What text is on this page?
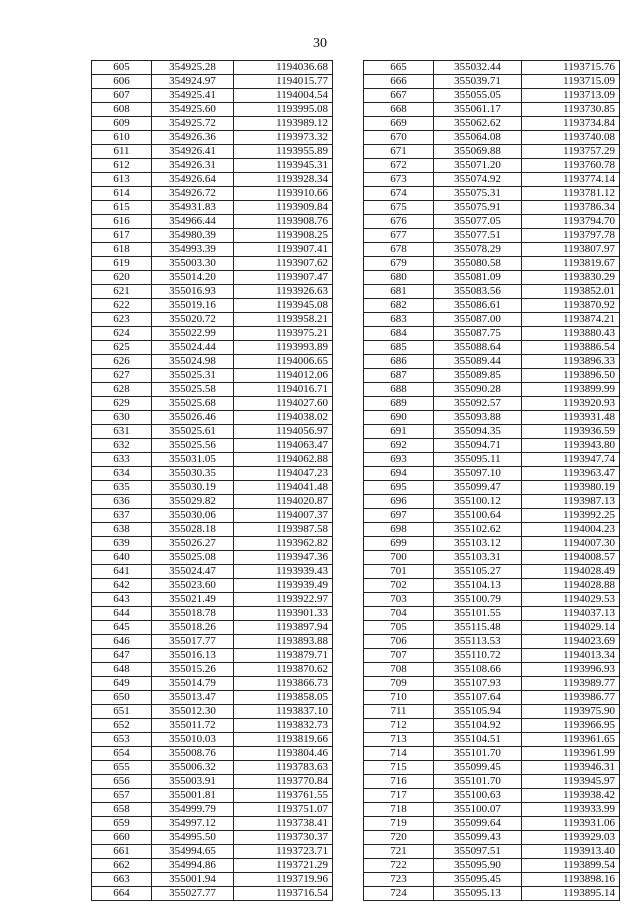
30
605	354925.28	1194036.68
606	354924.97	1194015.77
607	354925.41	1194004.54
608	354925.60	1193995.08
609	354925.72	1193989.12
610	354926.36	1193973.32
611	354926.41	1193955.89
612	354926.31	1193945.31
613	354926.64	1193928.34
614	354926.72	1193910.66
615	354931.83	1193909.84
616	354966.44	1193908.76
617	354980.39	1193908.25
618	354993.39	1193907.41
619	355003.30	1193907.62
620	355014.20	1193907.47
621	355016.93	1193926.63
622	355019.16	1193945.08
623	355020.72	1193958.21
624	355022.99	1193975.21
625	355024.44	1193993.89
626	355024.98	1194006.65
627	355025.31	1194012.06
628	355025.58	1194016.71
629	355025.68	1194027.60
630	355026.46	1194038.02
631	355025.61	1194056.97
632	355025.56	1194063.47
633	355031.05	1194062.88
634	355030.35	1194047.23
635	355030.19	1194041.48
636	355029.82	1194020.87
637	355030.06	1194007.37
638	355028.18	1193987.58
639	355026.27	1193962.82
640	355025.08	1193947.36
641	355024.47	1193939.43
642	355023.60	1193939.49
643	355021.49	1193922.97
644	355018.78	1193901.33
645	355018.26	1193897.94
646	355017.77	1193893.88
647	355016.13	1193879.71
648	355015.26	1193870.62
649	355014.79	1193866.73
650	355013.47	1193858.05
651	355012.30	1193837.10
652	355011.72	1193832.73
653	355010.03	1193819.66
654	355008.76	1193804.46
655	355006.32	1193783.63
656	355003.91	1193770.84
657	355001.81	1193761.55
658	354999.79	1193751.07
659	354997.12	1193738.41
660	354995.50	1193730.37
661	354994.65	1193723.71
662	354994.86	1193721.29
663	355001.94	1193719.96
664	355027.77	1193716.54
665	355032.44	1193715.76
666	355039.71	1193715.09
667	355055.05	1193713.09
668	355061.17	1193730.85
669	355062.62	1193734.84
670	355064.08	1193740.08
671	355069.88	1193757.29
672	355071.20	1193760.78
673	355074.92	1193774.14
674	355075.31	1193781.12
675	355075.91	1193786.34
676	355077.05	1193794.70
677	355077.51	1193797.78
678	355078.29	1193807.97
679	355080.58	1193819.67
680	355081.09	1193830.29
681	355083.56	1193852.01
682	355086.61	1193870.92
683	355087.00	1193874.21
684	355087.75	1193880.43
685	355088.64	1193886.54
686	355089.44	1193896.33
687	355089.85	1193896.50
688	355090.28	1193899.99
689	355092.57	1193920.93
690	355093.88	1193931.48
691	355094.35	1193936.59
692	355094.71	1193943.80
693	355095.11	1193947.74
694	355097.10	1193963.47
695	355099.47	1193980.19
696	355100.12	1193987.13
697	355100.64	1193992.25
698	355102.62	1194004.23
699	355103.12	1194007.30
700	355103.31	1194008.57
701	355105.27	1194028.49
702	355104.13	1194028.88
703	355100.79	1194029.53
704	355101.55	1194037.13
705	355115.48	1194029.14
706	355113.53	1194023.69
707	355110.72	1194013.34
708	355108.66	1193996.93
709	355107.93	1193989.77
710	355107.64	1193986.77
711	355105.94	1193975.90
712	355104.92	1193966.95
713	355104.51	1193961.65
714	355101.70	1193961.99
715	355099.45	1193946.31
716	355101.70	1193945.97
717	355100.63	1193938.42
718	355100.07	1193933.99
719	355099.64	1193931.06
720	355099.43	1193929.03
721	355097.51	1193913.40
722	355095.90	1193899.54
723	355095.45	1193898.16
724	355095.13	1193895.14
